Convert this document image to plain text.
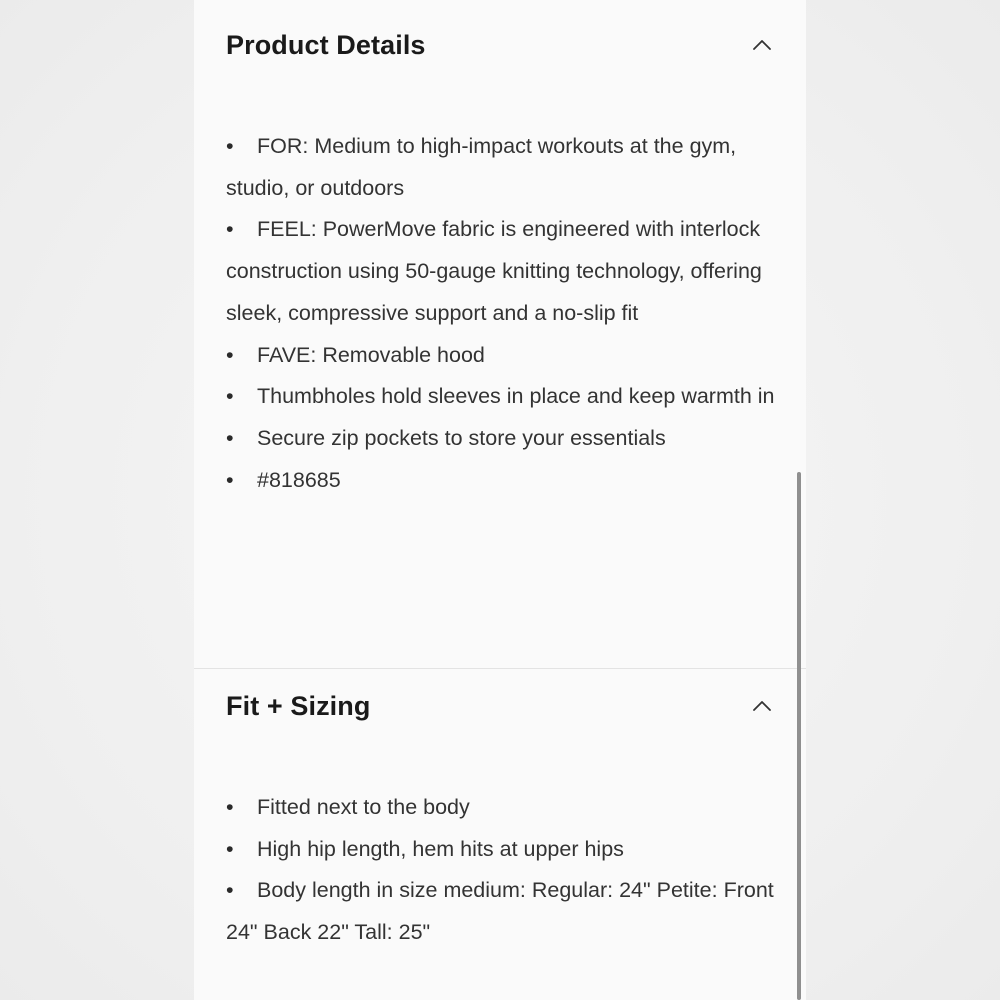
Product Details
• FOR: Medium to high-impact workouts at the gym, studio, or outdoors
• FEEL: PowerMove fabric is engineered with interlock construction using 50-gauge knitting technology, offering sleek, compressive support and a no-slip fit
• FAVE: Removable hood
• Thumbholes hold sleeves in place and keep warmth in
• Secure zip pockets to store your essentials
• #818685
Fit + Sizing
• Fitted next to the body
• High hip length, hem hits at upper hips
• Body length in size medium: Regular: 24" Petite: Front 24" Back 22" Tall: 25"
